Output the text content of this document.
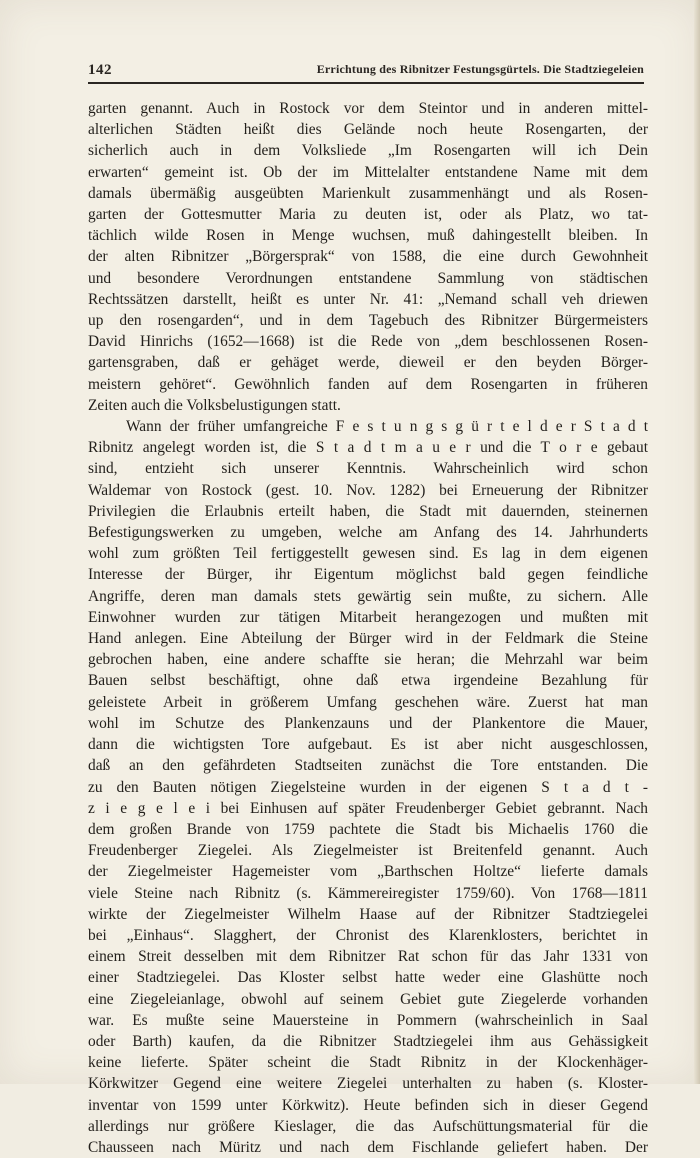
142	Errichtung des Ribnitzer Festungsgürtels. Die Stadtziegeleien
garten genannt. Auch in Rostock vor dem Steintor und in anderen mittel-
alterlichen Städten heißt dies Gelände noch heute Rosengarten, der
sicherlich auch in dem Volksliede „Im Rosengarten will ich Dein
erwarten“ gemeint ist. Ob der im Mittelalter entstandene Name mit dem
damals übermäßig ausgeübten Marienkult zusammenhängt und als Rosen-
garten der Gottesmutter Maria zu deuten ist, oder als Platz, wo tat-
tächlich wilde Rosen in Menge wuchsen, muß dahingestellt bleiben. In
der alten Ribnitzer „Börgersprak“ von 1588, die eine durch Gewohnheit
und besondere Verordnungen entstandene Sammlung von städtischen
Rechtssätzen darstellt, heißt es unter Nr. 41: „Nemand schall veh driewen
up den rosengarden“, und in dem Tagebuch des Ribnitzer Bürgermeisters
David Hinrichs (1652—1668) ist die Rede von „dem beschlossenen Rosen-
gartensgraben, daß er gehäget werde, dieweil er den beyden Börger-
meistern gehöret“. Gewöhnlich fanden auf dem Rosengarten in früheren
Zeiten auch die Volksbelustigungen statt.
Wann der früher umfangreiche F e s t u n g s g ü r t e l d e r S t a d t
Ribnitz angelegt worden ist, die S t a d t m a u e r und die T o r e gebaut
sind, entzieht sich unserer Kenntnis. Wahrscheinlich wird schon
Waldemar von Rostock (gest. 10. Nov. 1282) bei Erneuerung der Ribnitzer
Privilegien die Erlaubnis erteilt haben, die Stadt mit dauernden, steinernen
Befestigungswerken zu umgeben, welche am Anfang des 14. Jahrhunderts
wohl zum größten Teil fertiggestellt gewesen sind. Es lag in dem eigenen
Interesse der Bürger, ihr Eigentum möglichst bald gegen feindliche
Angriffe, deren man damals stets gewärtig sein mußte, zu sichern. Alle
Einwohner wurden zur tätigen Mitarbeit herangezogen und mußten mit
Hand anlegen. Eine Abteilung der Bürger wird in der Feldmark die Steine
gebrochen haben, eine andere schaffte sie heran; die Mehrzahl war beim
Bauen selbst beschäftigt, ohne daß etwa irgendeine Bezahlung für
geleistete Arbeit in größerem Umfang geschehen wäre. Zuerst hat man
wohl im Schutze des Plankenzauns und der Plankentore die Mauer,
dann die wichtigsten Tore aufgebaut. Es ist aber nicht ausgeschlossen,
daß an den gefährdeten Stadtseiten zunächst die Tore entstanden. Die
zu den Bauten nötigen Ziegelsteine wurden in der eigenen S t a d t -
z i e g e l e i bei Einhusen auf später Freudenberger Gebiet gebrannt. Nach
dem großen Brande von 1759 pachtete die Stadt bis Michaelis 1760 die
Freudenberger Ziegelei. Als Ziegelmeister ist Breitenfeld genannt. Auch
der Ziegelmeister Hagemeister vom „Barthschen Holtze“ lieferte damals
viele Steine nach Ribnitz (s. Kämmereiregister 1759/60). Von 1768—1811
wirkte der Ziegelmeister Wilhelm Haase auf der Ribnitzer Stadtziegelei
bei „Einhaus“. Slagghert, der Chronist des Klarenklosters, berichtet in
einem Streit desselben mit dem Ribnitzer Rat schon für das Jahr 1331 von
einer Stadtziegelei. Das Kloster selbst hatte weder eine Glashütte noch
eine Ziegeleianlage, obwohl auf seinem Gebiet gute Ziegelerde vorhanden
war. Es mußte seine Mauersteine in Pommern (wahrscheinlich in Saal
oder Barth) kaufen, da die Ribnitzer Stadtziegelei ihm aus Gehässigkeit
keine lieferte. Später scheint die Stadt Ribnitz in der Klockenhäger-
Körkwitzer Gegend eine weitere Ziegelei unterhalten zu haben (s. Kloster-
inventar von 1599 unter Körkwitz). Heute befinden sich in dieser Gegend
allerdings nur größere Kieslager, die das Aufschüttungsmaterial für die
Chausseen nach Müritz und nach dem Fischlande geliefert haben. Der
